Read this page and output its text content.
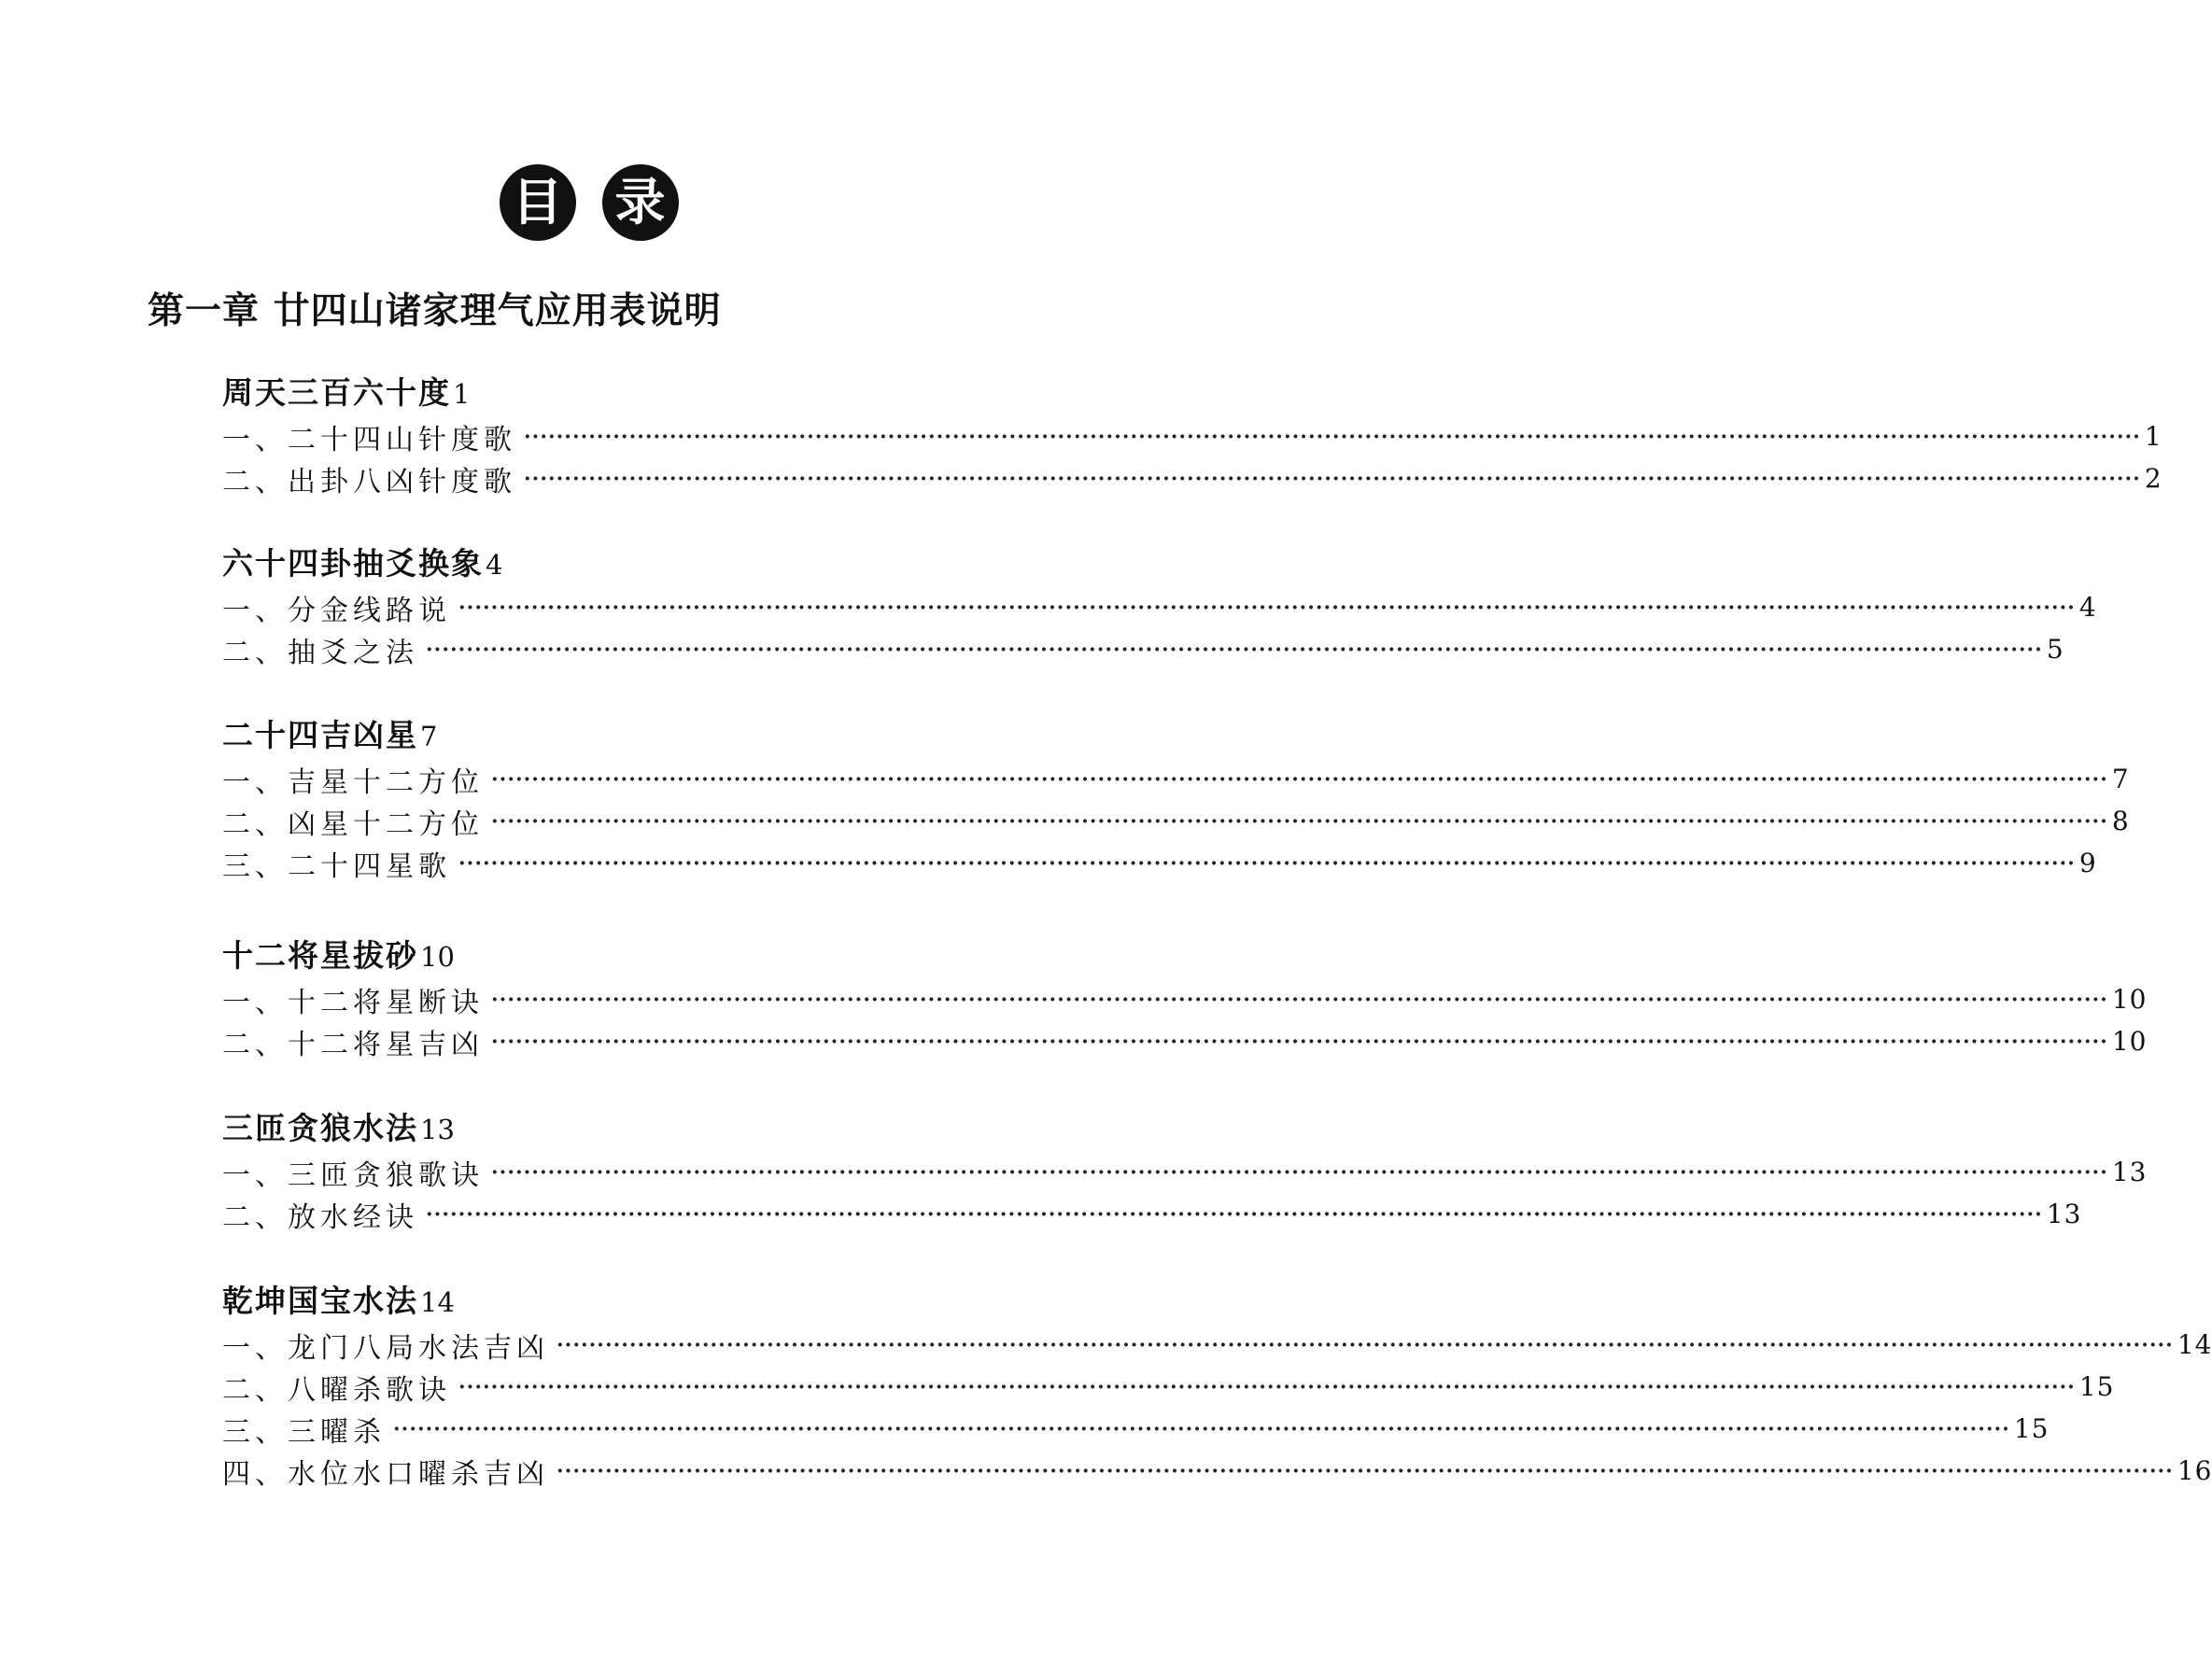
目 录
第一章 廿四山诸家理气应用表说明
周天三百六十度 1
一、二十四山针度歌 ········································································································································································································ 1
二、出卦八凶针度歌 ········································································································································································································ 2
六十四卦抽爻换象 4
一、分金线路说 ········································································································································································································ 4
二、抽爻之法 ········································································································································································································ 5
二十四吉凶星 7
一、吉星十二方位 ········································································································································································································ 7
二、凶星十二方位 ········································································································································································································ 8
三、二十四星歌 ········································································································································································································ 9
十二将星拔砂 10
一、十二将星断诀 ········································································································································································································ 10
二、十二将星吉凶 ········································································································································································································ 10
三匝贪狼水法 13
一、三匝贪狼歌诀 ········································································································································································································ 13
二、放水经诀 ········································································································································································································ 13
乾坤国宝水法 14
一、龙门八局水法吉凶 ········································································································································································································ 14
二、八曜杀歌诀 ········································································································································································································ 15
三、三曜杀 ········································································································································································································ 15
四、水位水口曜杀吉凶 ········································································································································································································ 16
